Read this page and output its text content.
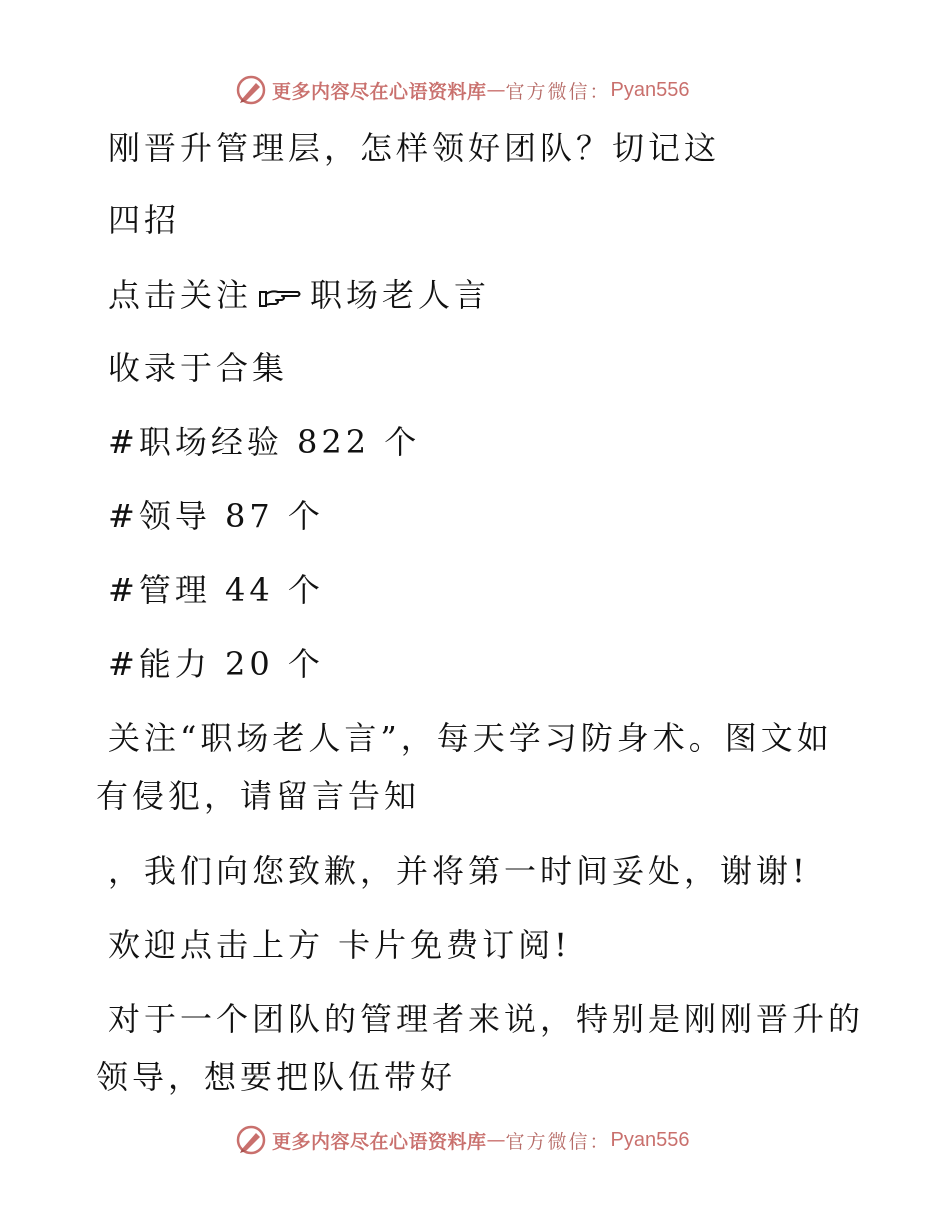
更多内容尽在心语资料库 — 官方微信： Pyan556
刚晋升管理层，怎样领好团队？切记这
四招
点击关注 职场老人言
收录于合集
#职场经验 822 个
#领导 87 个
#管理 44 个
#能力 20 个
关注“职场老人言”，每天学习防身术。图文如
有侵犯，请留言告知
，我们向您致歉，并将第一时间妥处，谢谢!
欢迎点击上方 卡片免费订阅!
对于一个团队的管理者来说，特别是刚刚晋升的
领导，想要把队伍带好
更多内容尽在心语资料库 — 官方微信： Pyan556
